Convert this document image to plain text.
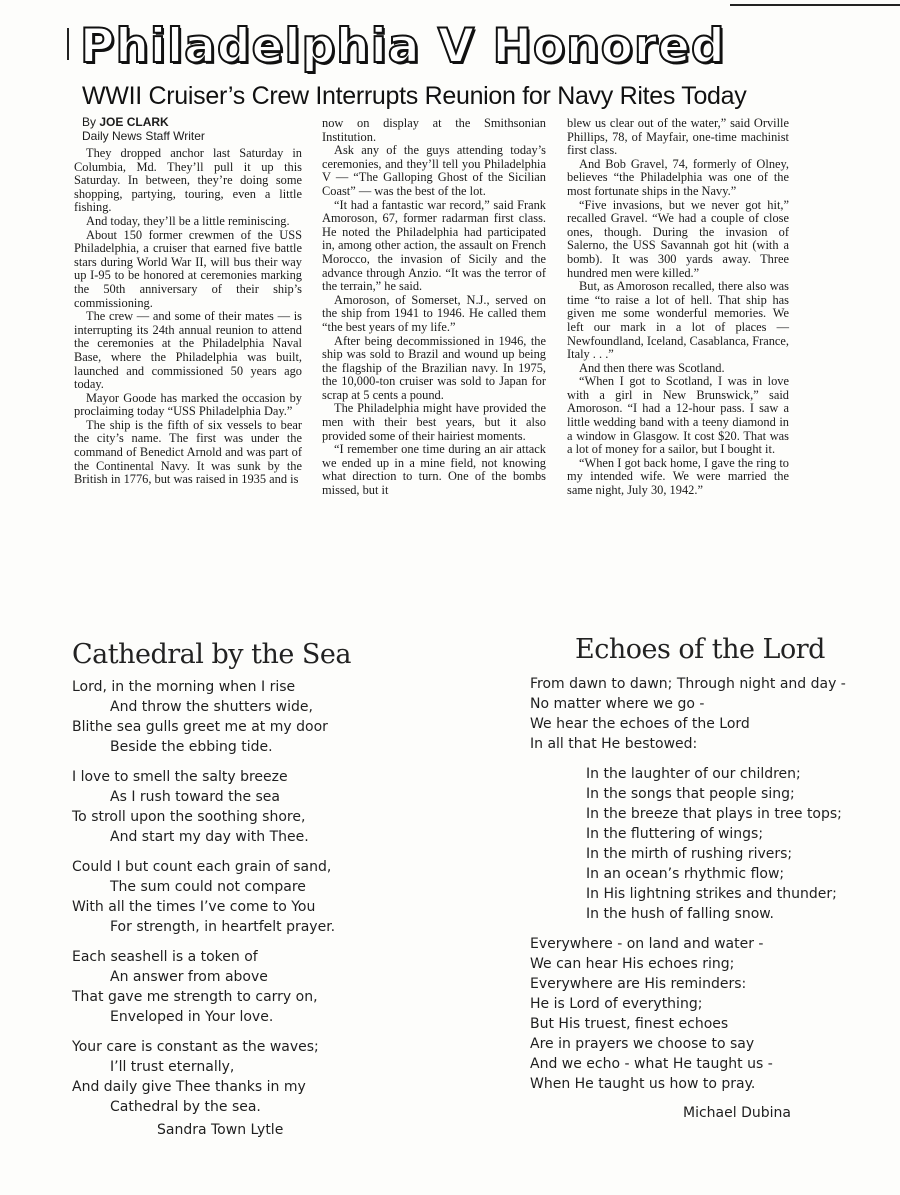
Philadelphia V Honored
WWII Cruiser’s Crew Interrupts Reunion for Navy Rites Today
By JOE CLARK
Daily News Staff Writer

They dropped anchor last Saturday in Columbia, Md. They’ll pull it up this Saturday. In between, they’re doing some shopping, partying, touring, even a little fishing.

And today, they’ll be a little reminiscing.

About 150 former crewmen of the USS Philadelphia, a cruiser that earned five battle stars during World War II, will bus their way up I-95 to be honored at ceremonies marking the 50th anniversary of their ship’s commissioning.

The crew — and some of their mates — is interrupting its 24th annual reunion to attend the ceremonies at the Philadelphia Naval Base, where the Philadelphia was built, launched and commissioned 50 years ago today.

Mayor Goode has marked the occasion by proclaiming today “USS Philadelphia Day.”

The ship is the fifth of six vessels to bear the city’s name. The first was under the command of Benedict Arnold and was part of the Continental Navy. It was sunk by the British in 1776, but was raised in 1935 and is

now on display at the Smithsonian Institution.

Ask any of the guys attending today’s ceremonies, and they’ll tell you Philadelphia V — “The Galloping Ghost of the Sicilian Coast” — was the best of the lot.

“It had a fantastic war record,” said Frank Amoroson, 67, former radarman first class. He noted the Philadelphia had participated in, among other action, the assault on French Morocco, the invasion of Sicily and the advance through Anzio. “It was the terror of the terrain,” he said.

Amoroson, of Somerset, N.J., served on the ship from 1941 to 1946. He called them “the best years of my life.”

After being decommissioned in 1946, the ship was sold to Brazil and wound up being the flagship of the Brazilian navy. In 1975, the 10,000-ton cruiser was sold to Japan for scrap at 5 cents a pound.

The Philadelphia might have provided the men with their best years, but it also provided some of their hairiest moments.

“I remember one time during an air attack we ended up in a mine field, not knowing what direction to turn. One of the bombs missed, but it

blew us clear out of the water,” said Orville Phillips, 78, of Mayfair, one-time machinist first class.

And Bob Gravel, 74, formerly of Olney, believes “the Philadelphia was one of the most fortunate ships in the Navy.”

“Five invasions, but we never got hit,” recalled Gravel. “We had a couple of close ones, though. During the invasion of Salerno, the USS Savannah got hit (with a bomb). It was 300 yards away. Three hundred men were killed.”

But, as Amoroson recalled, there also was time “to raise a lot of hell. That ship has given me some wonderful memories. We left our mark in a lot of places — Newfoundland, Iceland, Casablanca, France, Italy . . .”

And then there was Scotland.

“When I got to Scotland, I was in love with a girl in New Brunswick,” said Amoroson. “I had a 12-hour pass. I saw a little wedding band with a teeny diamond in a window in Glasgow. It cost $20. That was a lot of money for a sailor, but I bought it.

“When I got back home, I gave the ring to my intended wife. We were married the same night, July 30, 1942.”

Cathedral by the Sea
Lord, in the morning when I rise
And throw the shutters wide,
Blithe sea gulls greet me at my door
Beside the ebbing tide.
I love to smell the salty breeze
As I rush toward the sea
To stroll upon the soothing shore,
And start my day with Thee.
Could I but count each grain of sand,
The sum could not compare
With all the times I’ve come to You
For strength, in heartfelt prayer.
Each seashell is a token of
An answer from above
That gave me strength to carry on,
Enveloped in Your love.
Your care is constant as the waves;
I’ll trust eternally,
And daily give Thee thanks in my
Cathedral by the sea.
Sandra Town Lytle
Echoes of the Lord
From dawn to dawn; Through night and day -
No matter where we go -
We hear the echoes of the Lord
In all that He bestowed:
In the laughter of our children;
In the songs that people sing;
In the breeze that plays in tree tops;
In the fluttering of wings;
In the mirth of rushing rivers;
In an ocean’s rhythmic flow;
In His lightning strikes and thunder;
In the hush of falling snow.
Everywhere - on land and water -
We can hear His echoes ring;
Everywhere are His reminders:
He is Lord of everything;
But His truest, finest echoes
Are in prayers we choose to say
And we echo - what He taught us -
When He taught us how to pray.
Michael Dubina
